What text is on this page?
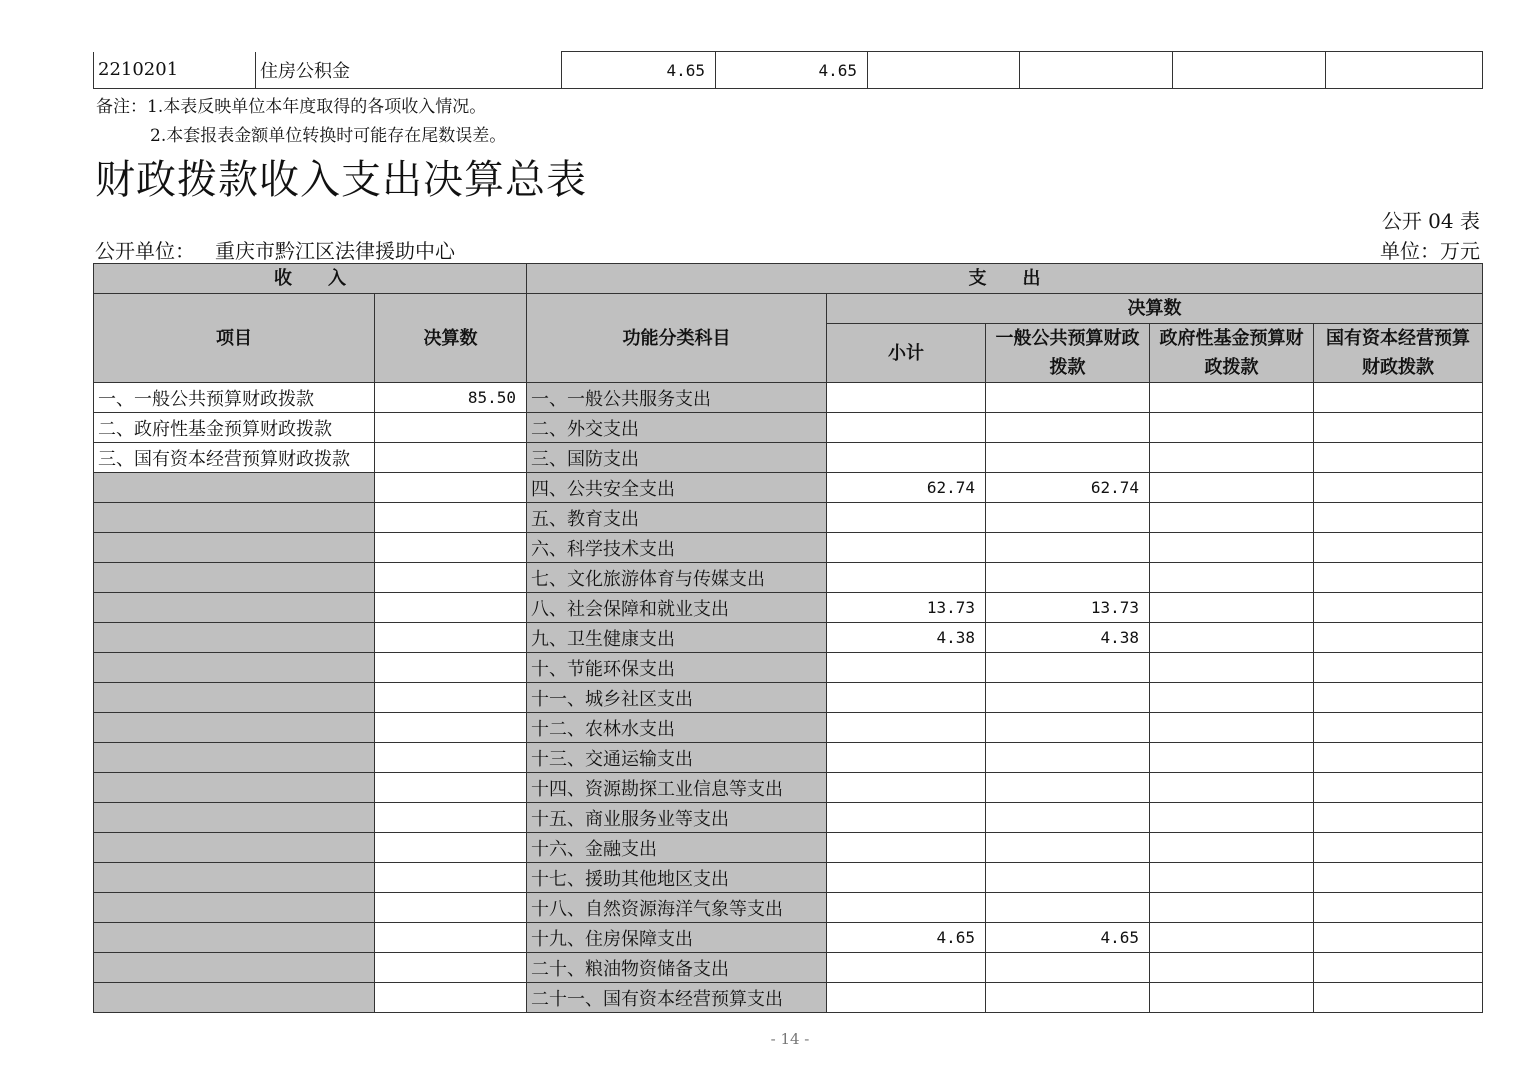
2210201	住房公积金	4.65	4.65				
备注：1.本表反映单位本年度取得的各项收入情况。
2.本套报表金额单位转换时可能存在尾数误差。
财政拨款收入支出决算总表
公开 04 表
公开单位： 重庆市黔江区法律援助中心	单位：万元
收　　入		支　　出				
项目	决算数	功能分类科目	决算数			
			小计	一般公共预算财政拨款	政府性基金预算财政拨款	国有资本经营预算财政拨款

一、一般公共预算财政拨款	85.50	一、一般公共服务支出				
二、政府性基金预算财政拨款		二、外交支出				
三、国有资本经营预算财政拨款		三、国防支出				
		四、公共安全支出	62.74	62.74		
		五、教育支出				
		六、科学技术支出				
		七、文化旅游体育与传媒支出				
		八、社会保障和就业支出	13.73	13.73		
		九、卫生健康支出	4.38	4.38		
		十、节能环保支出				
		十一、城乡社区支出				
		十二、农林水支出				
		十三、交通运输支出				
		十四、资源勘探工业信息等支出				
		十五、商业服务业等支出				
		十六、金融支出				
		十七、援助其他地区支出				
		十八、自然资源海洋气象等支出				
		十九、住房保障支出	4.65	4.65		
		二十、粮油物资储备支出				
		二十一、国有资本经营预算支出				
- 14 -
